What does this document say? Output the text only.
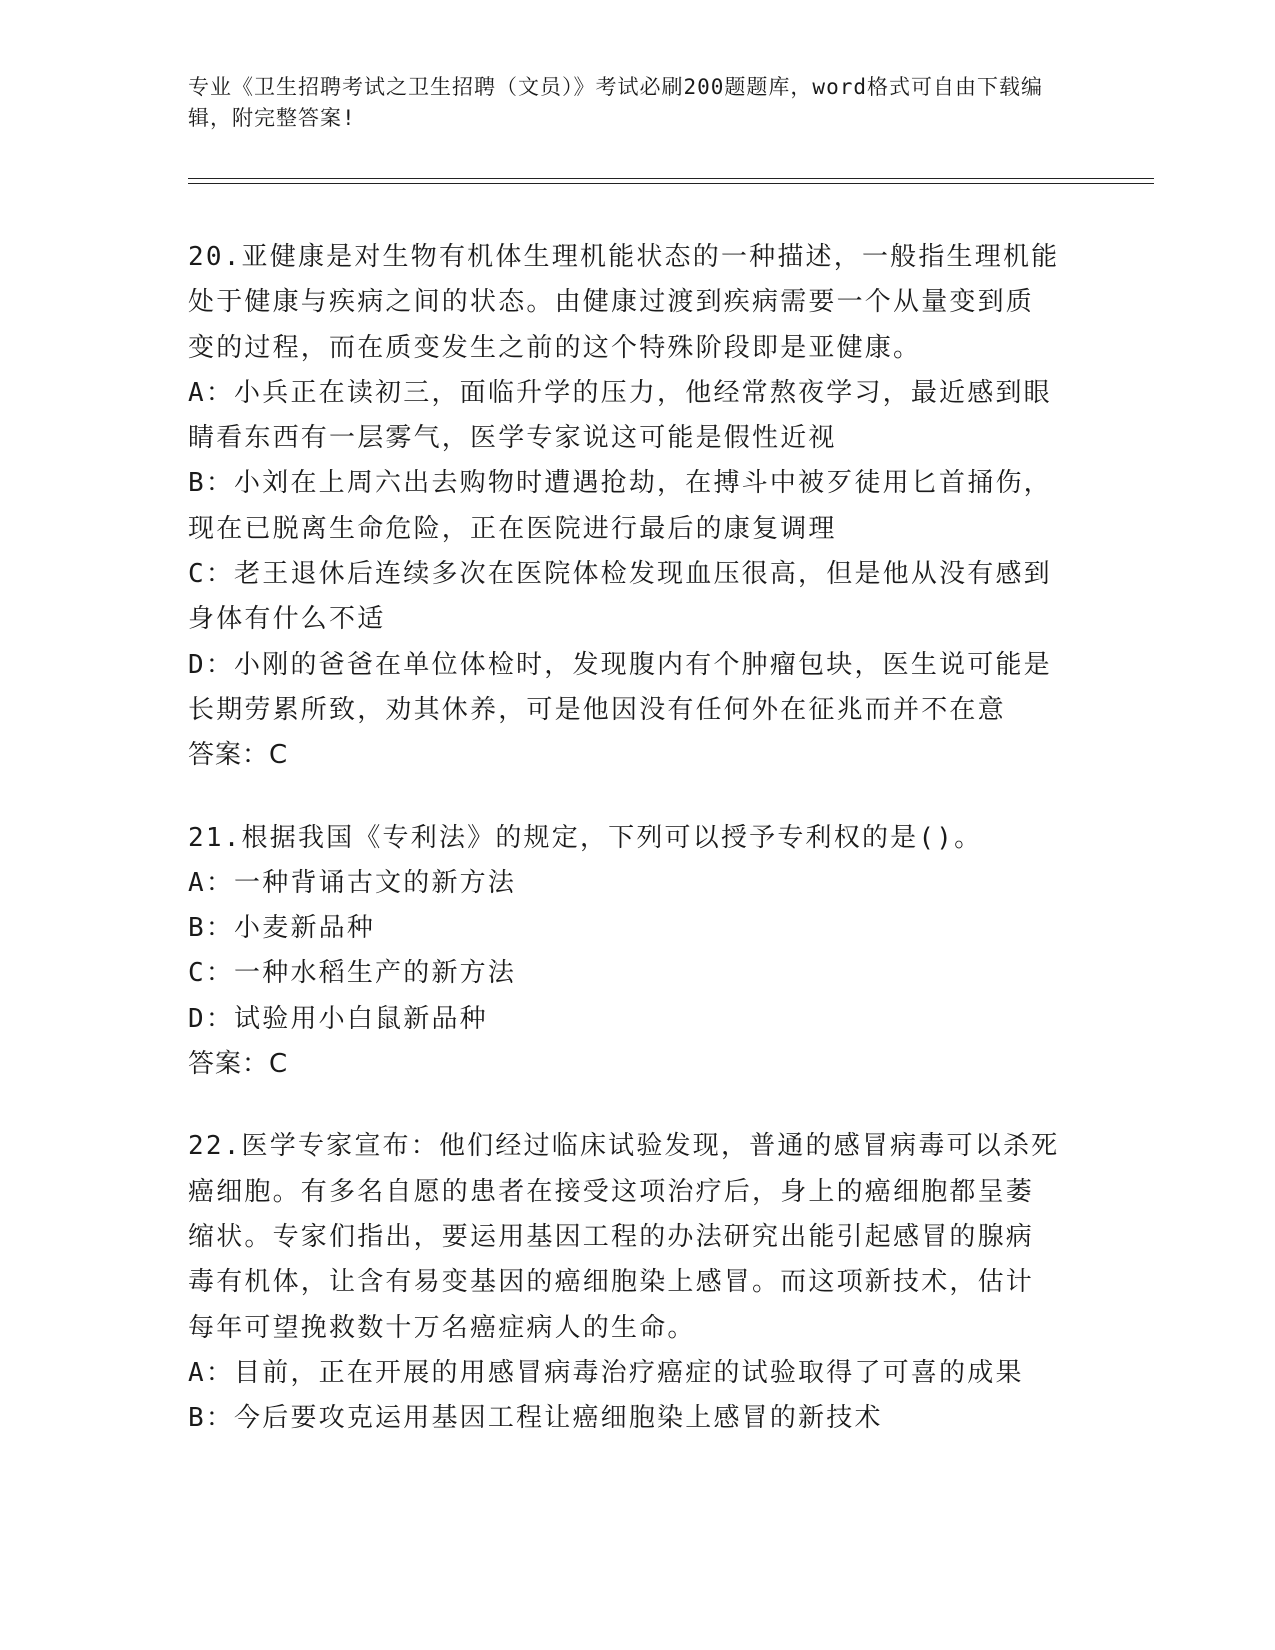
专业《卫生招聘考试之卫生招聘（文员）》考试必刷200题题库，word格式可自由下载编辑，附完整答案!
20.亚健康是对生物有机体生理机能状态的一种描述，一般指生理机能
处于健康与疾病之间的状态。由健康过渡到疾病需要一个从量变到质
变的过程，而在质变发生之前的这个特殊阶段即是亚健康。
A：小兵正在读初三，面临升学的压力，他经常熬夜学习，最近感到眼
睛看东西有一层雾气，医学专家说这可能是假性近视
B：小刘在上周六出去购物时遭遇抢劫，在搏斗中被歹徒用匕首捅伤，
现在已脱离生命危险，正在医院进行最后的康复调理
C：老王退休后连续多次在医院体检发现血压很高，但是他从没有感到
身体有什么不适
D：小刚的爸爸在单位体检时，发现腹内有个肿瘤包块，医生说可能是
长期劳累所致，劝其休养，可是他因没有任何外在征兆而并不在意
答案：C
21.根据我国《专利法》的规定，下列可以授予专利权的是()。
A：一种背诵古文的新方法
B：小麦新品种
C：一种水稻生产的新方法
D：试验用小白鼠新品种
答案：C
22.医学专家宣布：他们经过临床试验发现，普通的感冒病毒可以杀死
癌细胞。有多名自愿的患者在接受这项治疗后，身上的癌细胞都呈萎
缩状。专家们指出，要运用基因工程的办法研究出能引起感冒的腺病
毒有机体，让含有易变基因的癌细胞染上感冒。而这项新技术，估计
每年可望挽救数十万名癌症病人的生命。
A：目前，正在开展的用感冒病毒治疗癌症的试验取得了可喜的成果
B：今后要攻克运用基因工程让癌细胞染上感冒的新技术
